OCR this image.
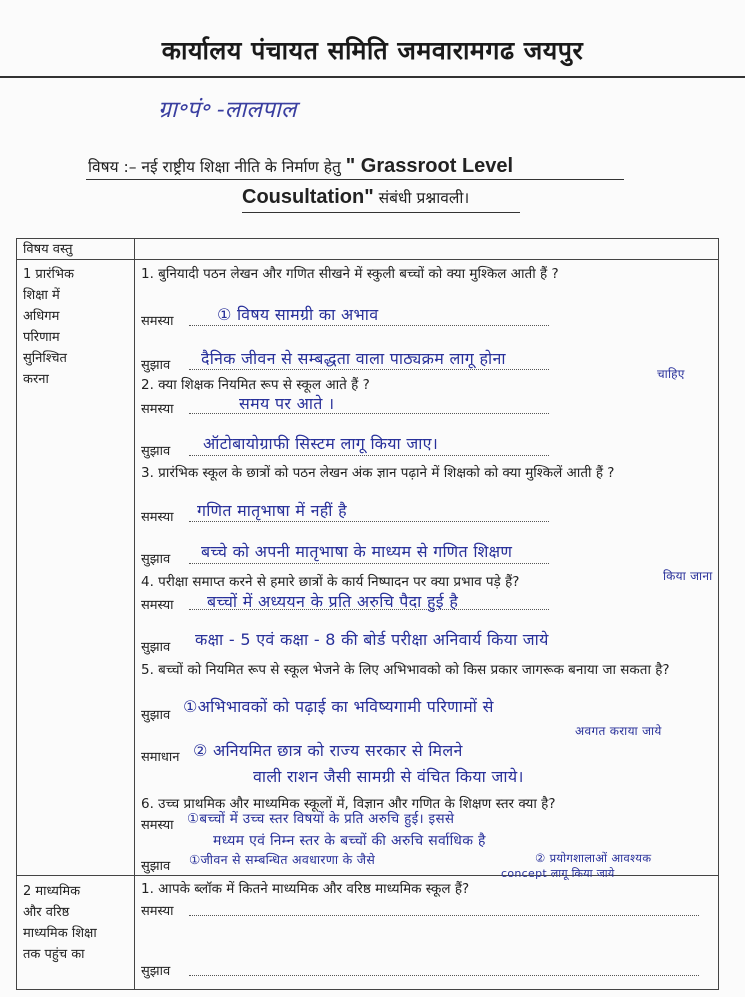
कार्यालय पंचायत समिति जमवारामगढ जयपुर
ग्रा॰पं॰ -लालपाल
विषय :– नई राष्ट्रीय शिक्षा नीति के निर्माण हेतु " Grassroot Level
Cousultation" संबंधी प्रश्नावली।
विषय वस्तु
1 प्रारंभिक
शिक्षा में
अधिगम
परिणाम
सुनिश्चित
करना
1. बुनियादी पठन लेखन और गणित सीखने में स्कुली बच्चों को क्या मुश्किल आती हैं ?
समस्या	① विषय सामग्री का अभाव
सुझाव दैनिक जीवन से सम्बद्धता वाला पाठ्यक्रम लागू होना
चाहिए
2. क्या शिक्षक नियमित रूप से स्कूल आते हैं ?
समस्या	समय पर आते ।
सुझाव ऑटोबायोग्राफी सिस्टम लागू किया जाए।
3. प्रारंभिक स्कूल के छात्रों को पठन लेखन अंक ज्ञान पढ़ाने में शिक्षको को क्या मुश्किलें आती हैं ?
समस्या गणित मातृभाषा में नहीं है
सुझाव बच्चे को अपनी मातृभाषा के माध्यम से गणित शिक्षण
किया जाना
4. परीक्षा समाप्त करने से हमारे छात्रों के कार्य निष्पादन पर क्या प्रभाव पड़े हैं?
समस्या बच्चों में अध्ययन के प्रति अरुचि पैदा हुई है
सुझाव कक्षा - 5 एवं कक्षा - 8 की बोर्ड परीक्षा अनिवार्य किया जाये
5. बच्चों को नियमित रूप से स्कूल भेजने के लिए अभिभावको को किस प्रकार जागरूक बनाया जा सकता है?
सुझाव ①अभिभावकों को पढ़ाई का भविष्यगामी परिणामों से
अवगत कराया जाये
समाधान ② अनियमित छात्र को राज्य सरकार से मिलने
वाली राशन जैसी सामग्री से वंचित किया जाये।
6. उच्च प्राथमिक और माध्यमिक स्कूलों में, विज्ञान और गणित के शिक्षण स्तर क्या है?
समस्या ①बच्चों में उच्च स्तर विषयों के प्रति अरुचि हुई। इससे
मध्यम एवं निम्न स्तर के बच्चों की अरुचि सर्वाधिक है
सुझाव ①जीवन से सम्बन्धित अवधारणा के जैसे	② प्रयोगशालाओं आवश्यक
concept लागू किया जाये
2 माध्यमिक
और वरिष्ठ
माध्यमिक शिक्षा
तक पहुंच का
1. आपके ब्लॉक में कितने माध्यमिक और वरिष्ठ माध्यमिक स्कूल हैं?
समस्या
सुझाव
